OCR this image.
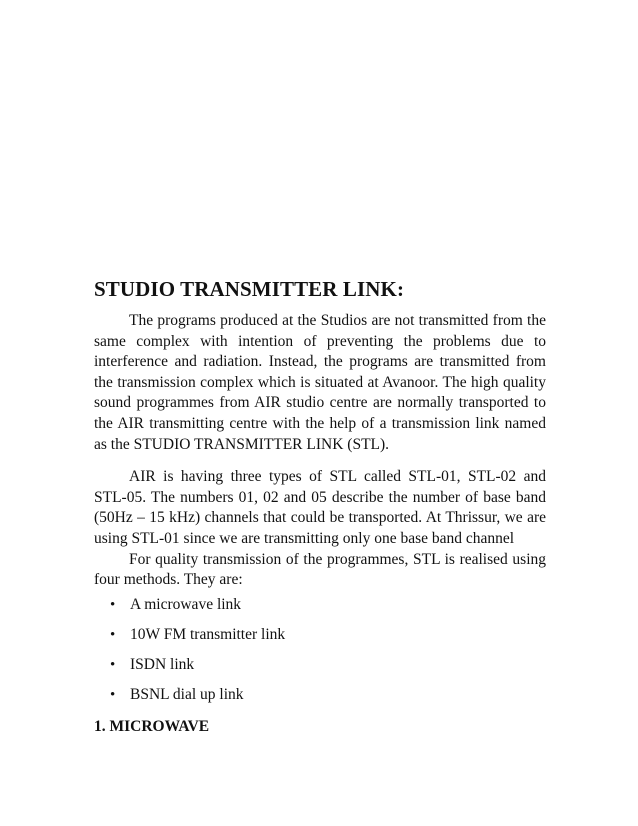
STUDIO TRANSMITTER LINK:

The programs produced at the Studios are not transmitted from the same complex with intention of preventing the problems due to interference and radiation. Instead, the programs are transmitted from the transmission complex which is situated at Avanoor. The high quality sound programmes from AIR studio centre are normally transported to the AIR transmitting centre with the help of a transmission link named as the STUDIO TRANSMITTER LINK (STL).

AIR is having three types of STL called STL-01, STL-02 and STL-05. The numbers 01, 02 and 05 describe the number of base band (50Hz – 15 kHz) channels that could be transported. At Thrissur, we are using STL-01 since we are transmitting only one base band channel

For quality transmission of the programmes, STL is realised using four methods. They are:

• A microwave link
• 10W FM transmitter link
• ISDN link
• BSNL dial up link
1. MICROWAVE
